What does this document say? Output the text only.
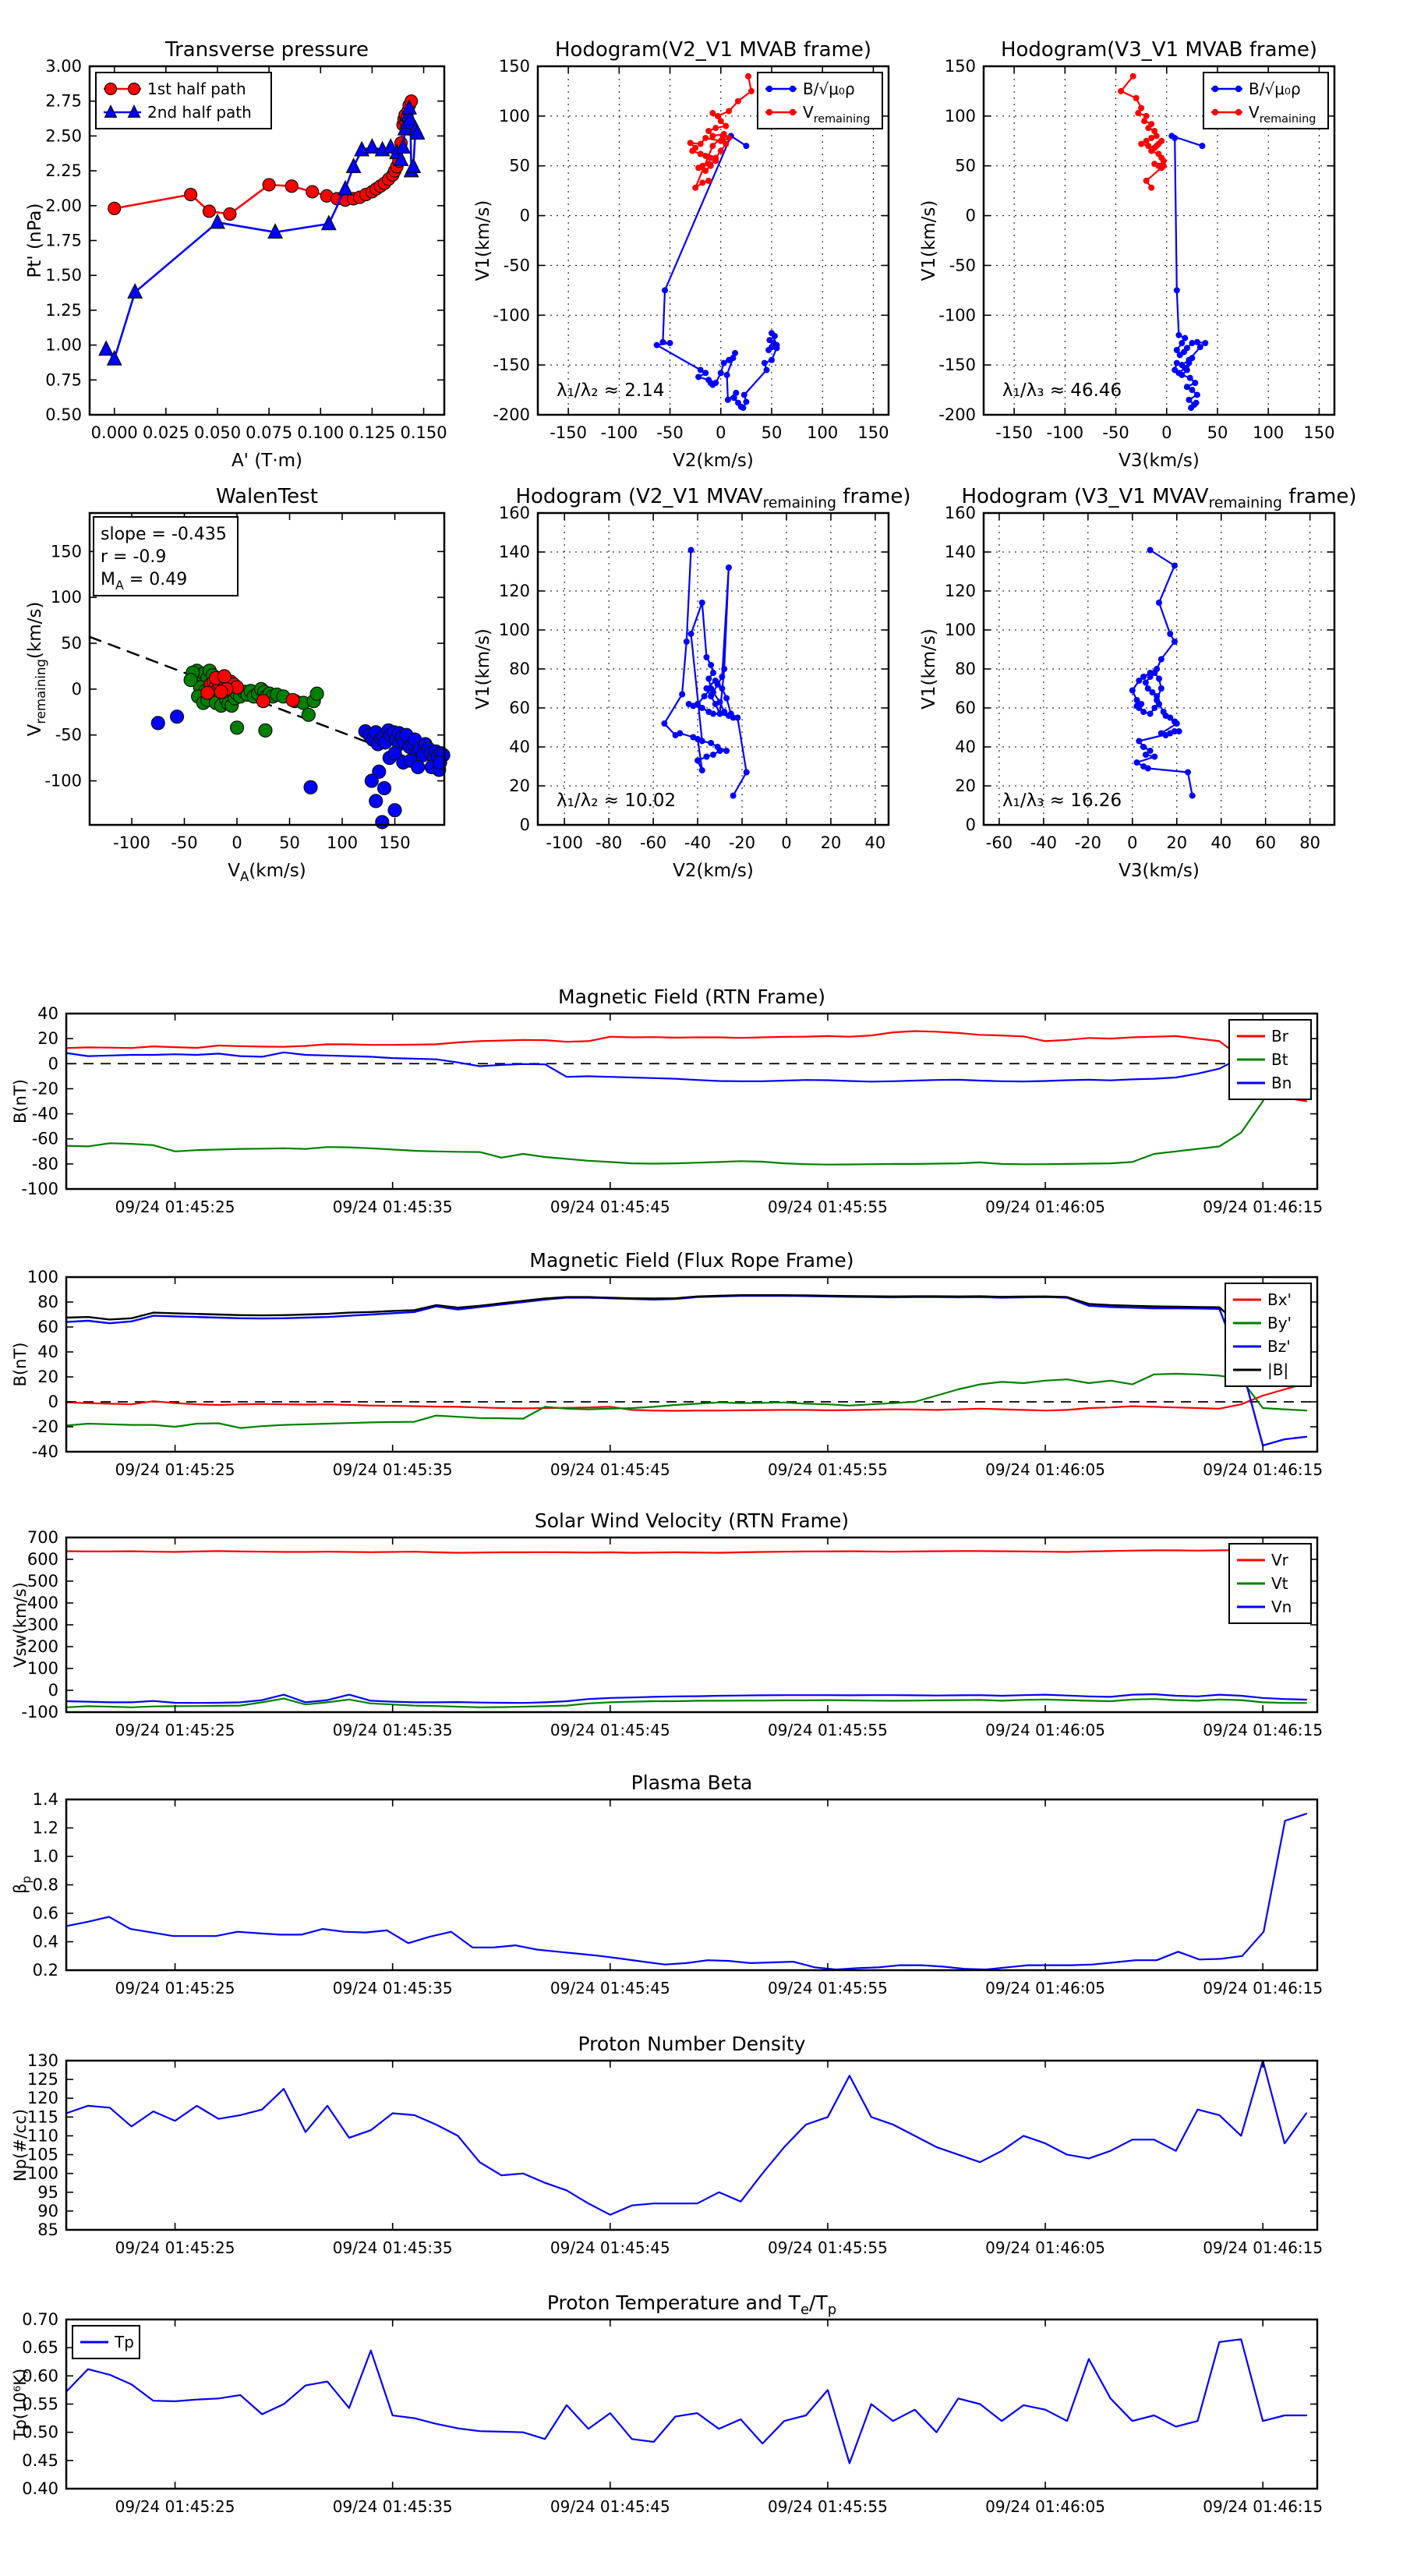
0.000 0.025 0.050 0.075 0.100 0.125 0.150
0.50
0.75
1.00
1.25
1.50
1.75
2.00
2.25
2.50
2.75
3.00
Transverse pressure
A' (T·m)
Pt' (nPa)
1st half path
2nd half path
-150 -100 -50 0 50 100 150
-200
-150
-100
-50
0
50
100
150
Hodogram(V2_V1 MVAB frame)
V2(km/s)
V1(km/s)
λ₁/λ₂ ≈ 2.14
B/√μ₀ρ
$V_{remaining}$
-150 -100 -50 0 50 100 150
-200
-150
-100
-50
0
50
100
150
Hodogram(V3_V1 MVAB frame)
V3(km/s)
V1(km/s)
λ₁/λ₃ ≈ 46.46
B/√μ₀ρ
$V_{remaining}$
-100 -50 0 50 100 150
-100
-50
0
50
100
150
WalenTest
$V_A(km/s)$
$V_{remaining}(km/s)$
slope = -0.435
r = -0.9
$M_A = 0.49$
-100 -80 -60 -40 -20 0 20 40
0
20
40
60
80
100
120
140
160
Hodogram (V2_V1 $MVAV_{remaining}$ frame)
V2(km/s)
V1(km/s)
λ₁/λ₂ ≈ 10.02
-60 -40 -20 0 20 40 60 80
0
20
40
60
80
100
120
140
160
Hodogram (V3_V1 $MVAV_{remaining}$ frame)
V3(km/s)
V1(km/s)
λ₁/λ₃ ≈ 16.26
09/24 01:45:25	09/24 01:45:35	09/24 01:45:45	09/24 01:45:55	09/24 01:46:05	09/24 01:46:15
-100
-80
-60
-40
-20
0
20
40
Magnetic Field (RTN Frame)
B(nT)
Br
Bt
Bn
09/24 01:45:25	09/24 01:45:35	09/24 01:45:45	09/24 01:45:55	09/24 01:46:05	09/24 01:46:15
-40
-20
0
20
40
60
80
100
Magnetic Field (Flux Rope Frame)
B(nT)
Bx'
By'
Bz'
|B|
09/24 01:45:25	09/24 01:45:35	09/24 01:45:45	09/24 01:45:55	09/24 01:46:05	09/24 01:46:15
-100
0
100
200
300
400
500
600
700
Solar Wind Velocity (RTN Frame)
Vsw(km/s)
Vr
Vt
Vn
09/24 01:45:25	09/24 01:45:35	09/24 01:45:45	09/24 01:45:55	09/24 01:46:05	09/24 01:46:15
0.2
0.4
0.6
0.8
1.0
1.2
1.4
Plasma Beta
$\beta_p$
09/24 01:45:25	09/24 01:45:35	09/24 01:45:45	09/24 01:45:55	09/24 01:46:05	09/24 01:46:15
85
90
95
100
105
110
115
120
125
130
Proton Number Density
Np(#/cc)
09/24 01:45:25	09/24 01:45:35	09/24 01:45:45	09/24 01:45:55	09/24 01:46:05	09/24 01:46:15
0.40
0.45
0.50
0.55
0.60
0.65
0.70
Proton Temperature and $T_e/T_p$
Tp(10⁶K)
Tp
